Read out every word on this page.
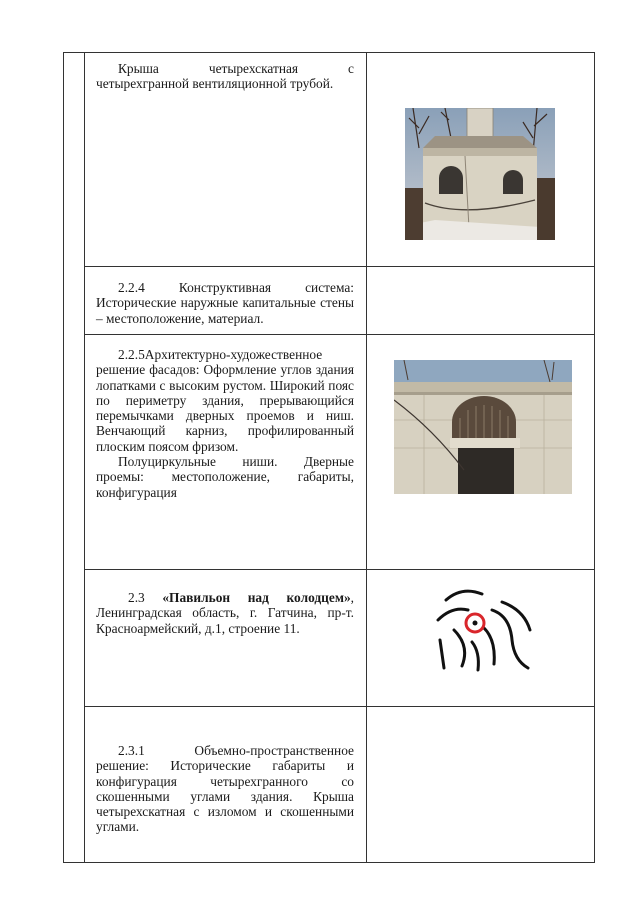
Крыша четырехскатная с четырехгранной вентиляционной трубой.

2.2.4 Конструктивная система: Исторические наружные капитальные стены – местоположение, материал.

2.2.5Архитектурно-художественное решение фасадов: Оформление углов здания лопатками с высоким рустом. Широкий пояс по периметру здания, прерывающийся перемычками дверных проемов и ниш. Венчающий карниз, профилированный плоским поясом фризом.

Полуциркульные ниши. Дверные проемы: местоположение, габариты, конфигурация

2.3 «Павильон над колодцем», Ленинградская область, г. Гатчина, пр-т. Красноармейский, д.1, строение 11.

2.3.1 Объемно-пространственное решение: Исторические габариты и конфигурация четырехгранного со скошенными углами здания. Крыша четырехскатная с изломом и скошенными углами.
